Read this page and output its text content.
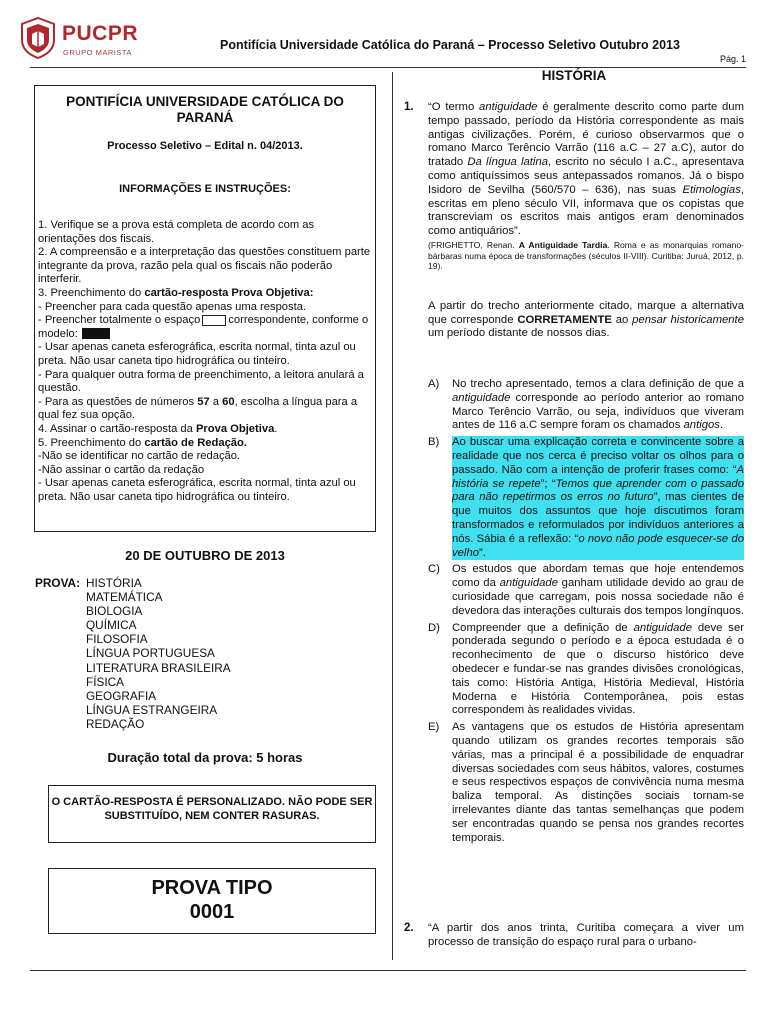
PUCPR
GRUPO MARISTA
Pontifícia Universidade Católica do Paraná – Processo Seletivo Outubro 2013
Pág. 1
PONTIFÍCIA UNIVERSIDADE CATÓLICA DO PARANÁ
Processo Seletivo – Edital n. 04/2013.
INFORMAÇÕES E INSTRUÇÕES:

1. Verifique se a prova está completa de acordo com as orientações dos fiscais.

2. A compreensão e a interpretação das questões constituem parte integrante da prova, razão pela qual os fiscais não poderão interferir.

3. Preenchimento do cartão-resposta Prova Objetiva:

- Preencher para cada questão apenas uma resposta.

- Preencher totalmente o espaço	correspondente, conforme o modelo:

- Usar apenas caneta esferográfica, escrita normal, tinta azul ou preta. Não usar caneta tipo hidrográfica ou tinteiro.

- Para qualquer outra forma de preenchimento, a leitora anulará a questão.

- Para as questões de números 57 a 60, escolha a língua para a qual fez sua opção.

4. Assinar o cartão-resposta da Prova Objetiva.

5. Preenchimento do cartão de Redação.

-Não se identificar no cartão de redação.

-Não assinar o cartão da redação

- Usar apenas caneta esferográfica, escrita normal, tinta azul ou preta. Não usar caneta tipo hidrográfica ou tinteiro.

20 DE OUTUBRO DE 2013
PROVA: HISTÓRIA
MATEMÁTICA
BIOLOGIA
QUÍMICA
FILOSOFIA
LÍNGUA PORTUGUESA
LITERATURA BRASILEIRA
FÍSICA
GEOGRAFIA
LÍNGUA ESTRANGEIRA
REDAÇÃO
Duração total da prova: 5 horas
O CARTÃO-RESPOSTA É PERSONALIZADO. NÃO PODE SER SUBSTITUÍDO, NEM CONTER RASURAS.
PROVA TIPO
0001
HISTÓRIA
1. “O termo antiguidade é geralmente descrito como parte dum tempo passado, período da História correspondente as mais antigas civilizações. Porém, é curioso observarmos que o romano Marco Terêncio Varrão (116 a.C – 27 a.C), autor do tratado Da língua latina, escrito no século I a.C., apresentava como antiquíssimos seus antepassados romanos. Já o bispo Isidoro de Sevilha (560/570 – 636), nas suas Etimologias, escritas em pleno século VII, informava que os copistas que transcreviam os escritos mais antigos eram denominados como antiquários”.

(FRIGHETTO, Renan. A Antiguidade Tardia. Roma e as monarquias romano-bárbaras numa época de transformações (séculos II-VIII). Curitiba: Juruá, 2012, p. 19).

A partir do trecho anteriormente citado, marque a alternativa que corresponde CORRETAMENTE ao pensar historicamente um período distante de nossos dias.

A)	No trecho apresentado, temos a clara definição de que a antiguidade corresponde ao período anterior ao romano Marco Terêncio Varrão, ou seja, indivíduos que viveram antes de 116 a.C sempre foram os chamados antigos.
B)	Ao buscar uma explicação correta e convincente sobre a realidade que nos cerca é preciso voltar os olhos para o passado. Não com a intenção de proferir frases como: “A história se repete”; “Temos que aprender com o passado para não repetirmos os erros no futuro”, mas cientes de que muitos dos assuntos que hoje discutimos foram transformados e reformulados por indivíduos anteriores a nós. Sábia é a reflexão: “o novo não pode esquecer-se do velho”.
C)	Os estudos que abordam temas que hoje entendemos como da antiguidade ganham utilidade devido ao grau de curiosidade que carregam, pois nossa sociedade não é devedora das interações culturais dos tempos longínquos.
D)	Compreender que a definição de antiguidade deve ser ponderada segundo o período e a época estudada é o reconhecimento de que o discurso histórico deve obedecer e fundar-se nas grandes divisões cronológicas, tais como: História Antiga, História Medieval, História Moderna e História Contemporânea, pois estas correspondem às realidades vividas.
E)	As vantagens que os estudos de História apresentam quando utilizam os grandes recortes temporais são várias, mas a principal é a possibilidade de enquadrar diversas sociedades com seus hábitos, valores, costumes e seus respectivos espaços de convivência numa mesma baliza temporal. As distinções sociais tornam-se irrelevantes diante das tantas semelhanças que podem ser encontradas quando se pensa nos grandes recortes temporais.
2. “A partir dos anos trinta, Curitiba começara a viver um processo de transição do espaço rural para o urbano-
